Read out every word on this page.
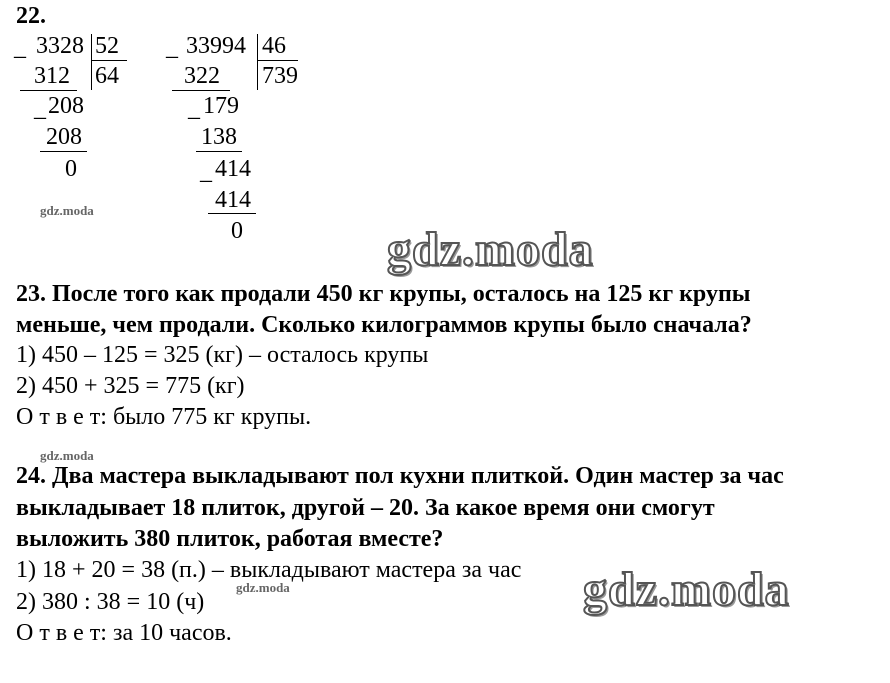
22.
_ 3328 52
312 64
_ 208
208
0
_ 33994 46
322 739
_ 179
138
_ 414
414
0
gdz.moda
gdz.moda
23. После того как продали 450 кг крупы, осталось на 125 кг крупы
меньше, чем продали. Сколько килограммов крупы было сначала?
1) 450 – 125 = 325 (кг) – осталось крупы
2) 450 + 325 = 775 (кг)
О т в е т: было 775 кг крупы.
gdz.moda
24. Два мастера выкладывают пол кухни плиткой. Один мастер за час
выкладывает 18 плиток, другой – 20. За какое время они смогут
выложить 380 плиток, работая вместе?
1) 18 + 20 = 38 (п.) – выкладывают мастера за час
2) 380 : 38 = 10 (ч)
О т в е т: за 10 часов.
gdz.moda	gdz.moda
